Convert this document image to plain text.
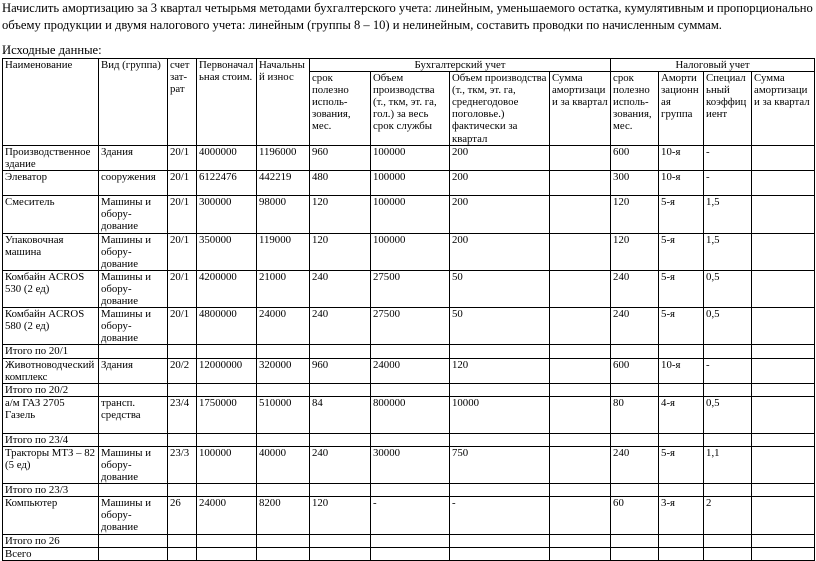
Начислить амортизацию за 3 квартал четырьмя методами бухгалтерского учета: линейным, уменьшаемого остатка, кумулятивным и пропорционально объему продукции и двумя налогового учета: линейным (группы 8 – 10) и нелинейным, составить проводки по начисленным суммам.
Исходные данные:
Наименование	Вид (группа)	счет зат-рат	Первоначальная стоим.	Начальный износ	Бухгалтерский учет				Налоговый учет			
					срок полезно исполь-зования, мес.	Объем производства (т., ткм, эт. га, гол.) за весь срок службы	Объем производства (т., ткм, эт. га, среднегодовое поголовье.) фактически за квартал	Сумма амортизации за квартал	срок полезно исполь-зования, мес.	Амортизационная группа	Специальный коэффициент	Сумма амортизации за квартал
Производственное здание	Здания	20/1	4000000	1196000	960	100000	200		600	10-я	-	
Элеватор	сооружения	20/1	6122476	442219	480	100000	200		300	10-я	-	
Смеситель	Машины и обору-дование	20/1	300000	98000	120	100000	200		120	5-я	1,5	
Упаковочная машина	Машины и обору-дование	20/1	350000	119000	120	100000	200		120	5-я	1,5	
Комбайн ACROS 530 (2 ед)	Машины и обору-дование	20/1	4200000	21000	240	27500	50		240	5-я	0,5	
Комбайн ACROS 580 (2 ед)	Машины и обору-дование	20/1	4800000	24000	240	27500	50		240	5-я	0,5	
Итого по 20/1												
Животноводческий комплекс	Здания	20/2	12000000	320000	960	24000	120		600	10-я	-	
Итого по 20/2												
а/м ГАЗ 2705 Газель	трансп. средства	23/4	1750000	510000	84	800000	10000		80	4-я	0,5	
Итого по 23/4												
Тракторы МТЗ – 82 (5 ед)	Машины и обору-дование	23/3	100000	40000	240	30000	750		240	5-я	1,1	
Итого по 23/3												
Компьютер	Машины и обору-дование	26	24000	8200	120	-	-		60	3-я	2	
Итого по 26												
Всего												
